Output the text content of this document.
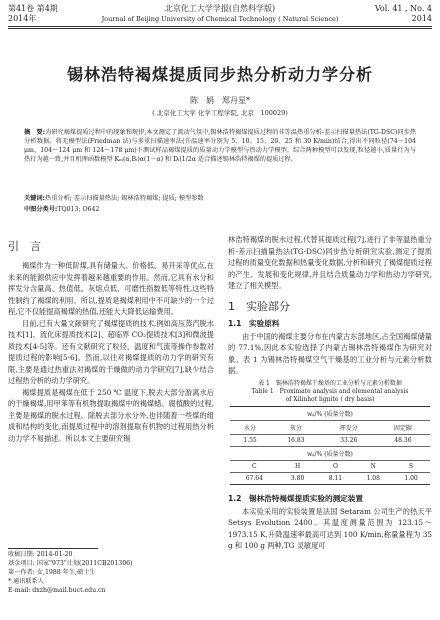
第41卷 第4期	北京化工大学学报(自然科学版)	Vol. 41 , No. 4
2014年	Journal of Beijing University of Chemical Technology ( Natural Science)	2014
锡林浩特褐煤提质同步热分析动力学分析
陈　娟　郑丹星*
( 北京化工大学 化学工程学院, 北京　100029)
摘　要:为研究褐煤提质过程中的现象和规律,本文测定了流动气氛中,锡林浩特褐煤提质过程的非等温热重分析-差示扫描量热法(TG-DSC)同步热分析数据。将无模型法(Friedman 法)与多重扫描速率法(升温速率分别为 5、10、15、20、25 和 30 K/min)结合,得出不同粒径(74～104 μm、104～124 μm 和 124～178 μm)下测试样品褐煤提质的质量动力学模型与热动力学模型。综合两种模型可以发现,粒径越小,质量行为与热行为越一致,并且机理函数模型 Kₘ(α,Bᵢ)α(1－α) 和 Dᵢ(1/2α 适合描述锡林浩特褐煤的提质过程。
关键词:热重分析; 差示扫描量热法; 锡林浩特褐煤; 提质; 模型参数
中图分类号:TQ013; O642
引　言

褐煤作为一种低阶煤,具有储量大、价格低、易开采等优点,在未来的能源供应中发挥着越来越重要的作用。然而,它具有水分和挥发分含量高、热值低、灰熔点低、可磨性指数低等特性,这些特性制约了褐煤的利用。所以,提质是褐煤利用中不可缺少的一个过程,它不仅能提高褐煤的热值,还能大大降低运输费用。

目前,已有大量文献研究了褐煤提质的技术,例如高压蒸汽脱水技术[1]、流化床提质技术[2]、超临界 CO₂提质技术[3]和微波提质技术[4-5]等。还有文献研究了粒径、温度和气流等操作参数对提质过程的影响[5-6]。然而,以往对褐煤提质的动力学的研究有限,主要是通过热重法对褐煤的干燥做的动力学研究[7],缺少结合过程热分析的动力学研究。

褐煤提质是褐煤在低于 250 ℃ 温度下,脱去大部分游离水后的干燥褐煤,用甲苯等有机物提取褐煤中的褐煤蜡、腐植酸的过程,主要是褐煤的脱水过程。除脱去部分水分外,也伴随着一些煤的组成和结构的变化,而提质过程中的溶剂提取有机物的过程用热分析动力学不易描述。所以本文主要研究锡

收稿日期: 2014-01-20
基金项目: 国家"973"计划(2011CB201306)
第一作者: 女,1988 年生,硕士生
* 通讯联系人
E-mail: dxzh@mail.buct.edu.cn

林浩特褐煤的脱水过程,代替其提质过程[7],进行了非等温热重分析-差示扫描量热法(TG-DSC)同步热分析研究实验,测定了提质过程的质量变化数据和热量变化数据,分析和研究了褐煤提质过程的产生、发展和变化规律,并且结合质量动力学和热动力学研究,建立了相关模型。

1　实验部分
1.1　实验原料

由于中国的褐煤主要分布在内蒙古东部地区,占全国褐煤储量的 77.1%,因此本实验选择了内蒙古锡林浩特褐煤作为研究对象。表 1 为锡林浩特褐煤空气干燥基的工业分析与元素分析数据。

表 1　锡林浩特褐煤干燥基的工业分析与元素分析数据
Table 1　Proximate analysis and elemental analysis
of Xilinhot lignite ( dry basis)
wₐ/% (质量分数)			
水分	灰分	挥发分	固定碳
1.55	16.83	33.26	48.36
wₐ/% (质量分数)				
C	H	O	N	S
67.64	3.80	8.11	1.08	1.00
1.2　锡林浩特褐煤提质实验的测定装置

本实验采用的实验装置是法国 Setaram 公司生产的热天平 Setsys Evolution 2400。其温度测量范围为 123.15～1973.15 K,升降温速率最高可达到 100 K/min,称量量程为 35 g 和 100 g 两种,TG 灵敏度可
